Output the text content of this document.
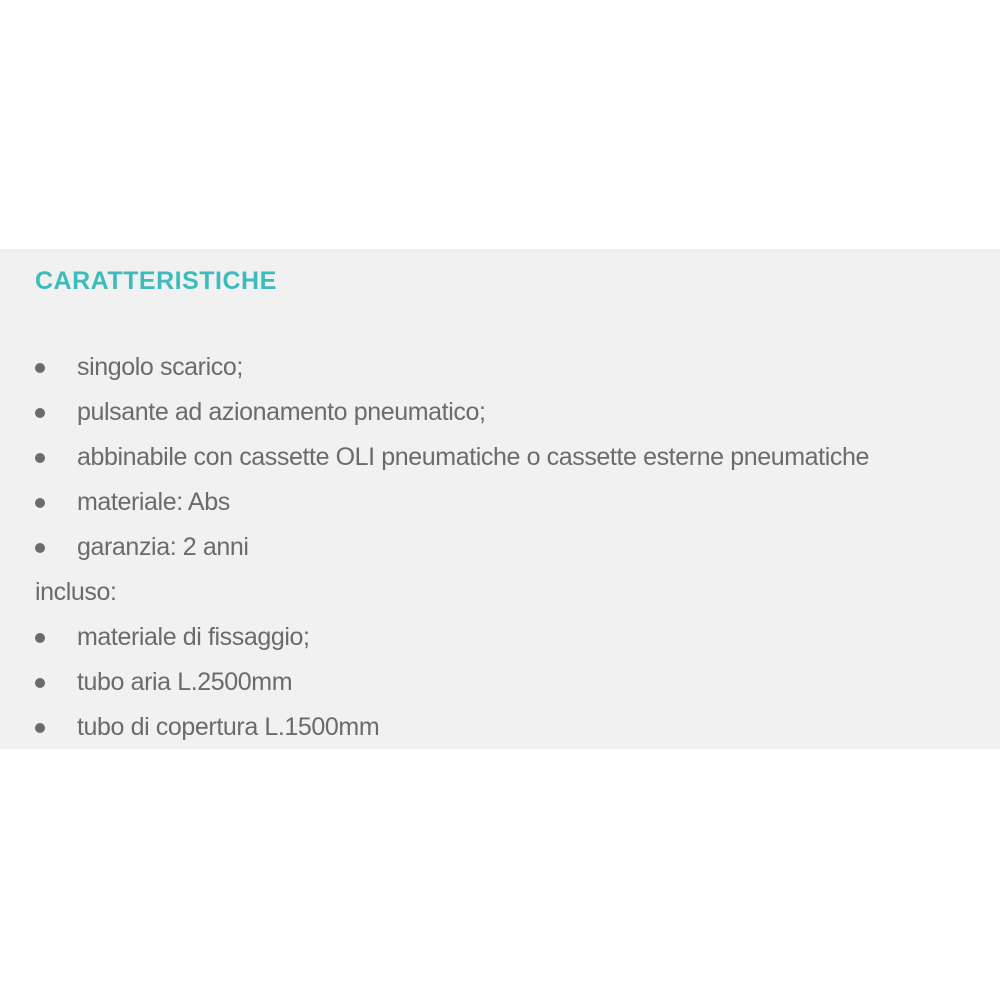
CARATTERISTICHE
singolo scarico;
pulsante ad azionamento pneumatico;
abbinabile con cassette OLI pneumatiche o cassette esterne pneumatiche
materiale: Abs
garanzia: 2 anni
incluso:
materiale di fissaggio;
tubo aria L.2500mm
tubo di copertura L.1500mm
